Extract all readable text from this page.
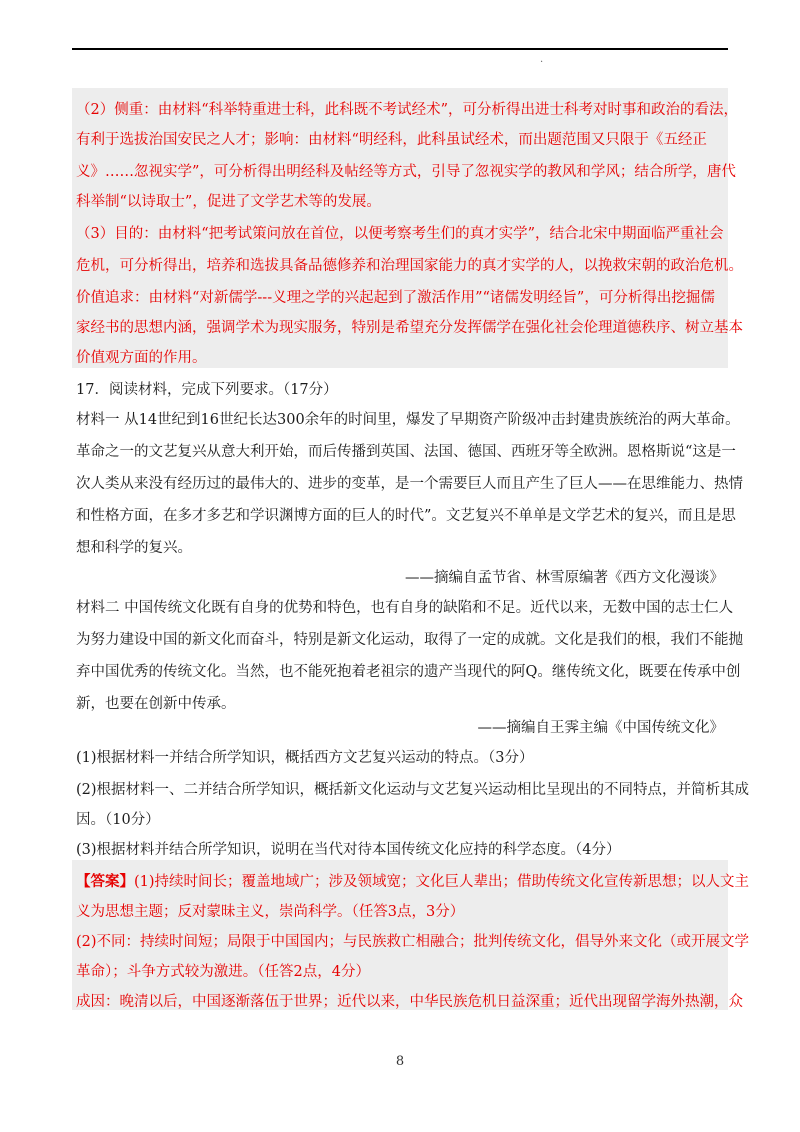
.
（2）侧重：由材料“科举特重进士科，此科既不考试经术”，可分析得出进士科考对时事和政治的看法，
有利于选拔治国安民之人才；影响：由材料“明经科，此科虽试经术，而出题范围又只限于《五经正
义》……忽视实学”，可分析得出明经科及帖经等方式，引导了忽视实学的教风和学风；结合所学，唐代
科举制“以诗取士”，促进了文学艺术等的发展。
（3）目的：由材料“把考试策问放在首位，以便考察考生们的真才实学”，结合北宋中期面临严重社会
危机，可分析得出，培养和选拔具备品德修养和治理国家能力的真才实学的人，以挽救宋朝的政治危机。
价值追求：由材料“对新儒学---义理之学的兴起起到了激活作用”“诸儒发明经旨”，可分析得出挖掘儒
家经书的思想内涵，强调学术为现实服务，特别是希望充分发挥儒学在强化社会伦理道德秩序、树立基本
价值观方面的作用。
17．阅读材料，完成下列要求。（17分）
材料一 从14世纪到16世纪长达300余年的时间里，爆发了早期资产阶级冲击封建贵族统治的两大革命。
革命之一的文艺复兴从意大利开始，而后传播到英国、法国、德国、西班牙等全欧洲。恩格斯说“这是一
次人类从来没有经历过的最伟大的、进步的变革，是一个需要巨人而且产生了巨人——在思维能力、热情
和性格方面，在多才多艺和学识渊博方面的巨人的时代”。文艺复兴不单单是文学艺术的复兴，而且是思
想和科学的复兴。
——摘编自孟节省、林雪原编著《西方文化漫谈》
材料二 中国传统文化既有自身的优势和特色，也有自身的缺陷和不足。近代以来，无数中国的志士仁人
为努力建设中国的新文化而奋斗，特别是新文化运动，取得了一定的成就。文化是我们的根，我们不能抛
弃中国优秀的传统文化。当然，也不能死抱着老祖宗的遗产当现代的阿Q。继传统文化，既要在传承中创
新，也要在创新中传承。
——摘编自王霁主编《中国传统文化》
(1)根据材料一并结合所学知识，概括西方文艺复兴运动的特点。（3分）
(2)根据材料一、二并结合所学知识，概括新文化运动与文艺复兴运动相比呈现出的不同特点，并简析其成
因。（10分）
(3)根据材料并结合所学知识，说明在当代对待本国传统文化应持的科学态度。（4分）
【答案】(1)持续时间长；覆盖地域广；涉及领域宽；文化巨人辈出；借助传统文化宣传新思想；以人文主
义为思想主题；反对蒙昧主义，崇尚科学。（任答3点，3分）
(2)不同：持续时间短；局限于中国国内；与民族救亡相融合；批判传统文化，倡导外来文化（或开展文学
革命）；斗争方式较为激进。（任答2点，4分）
成因：晚清以后，中国逐渐落伍于世界；近代以来，中华民族危机日益深重；近代出现留学海外热潮，众
8
